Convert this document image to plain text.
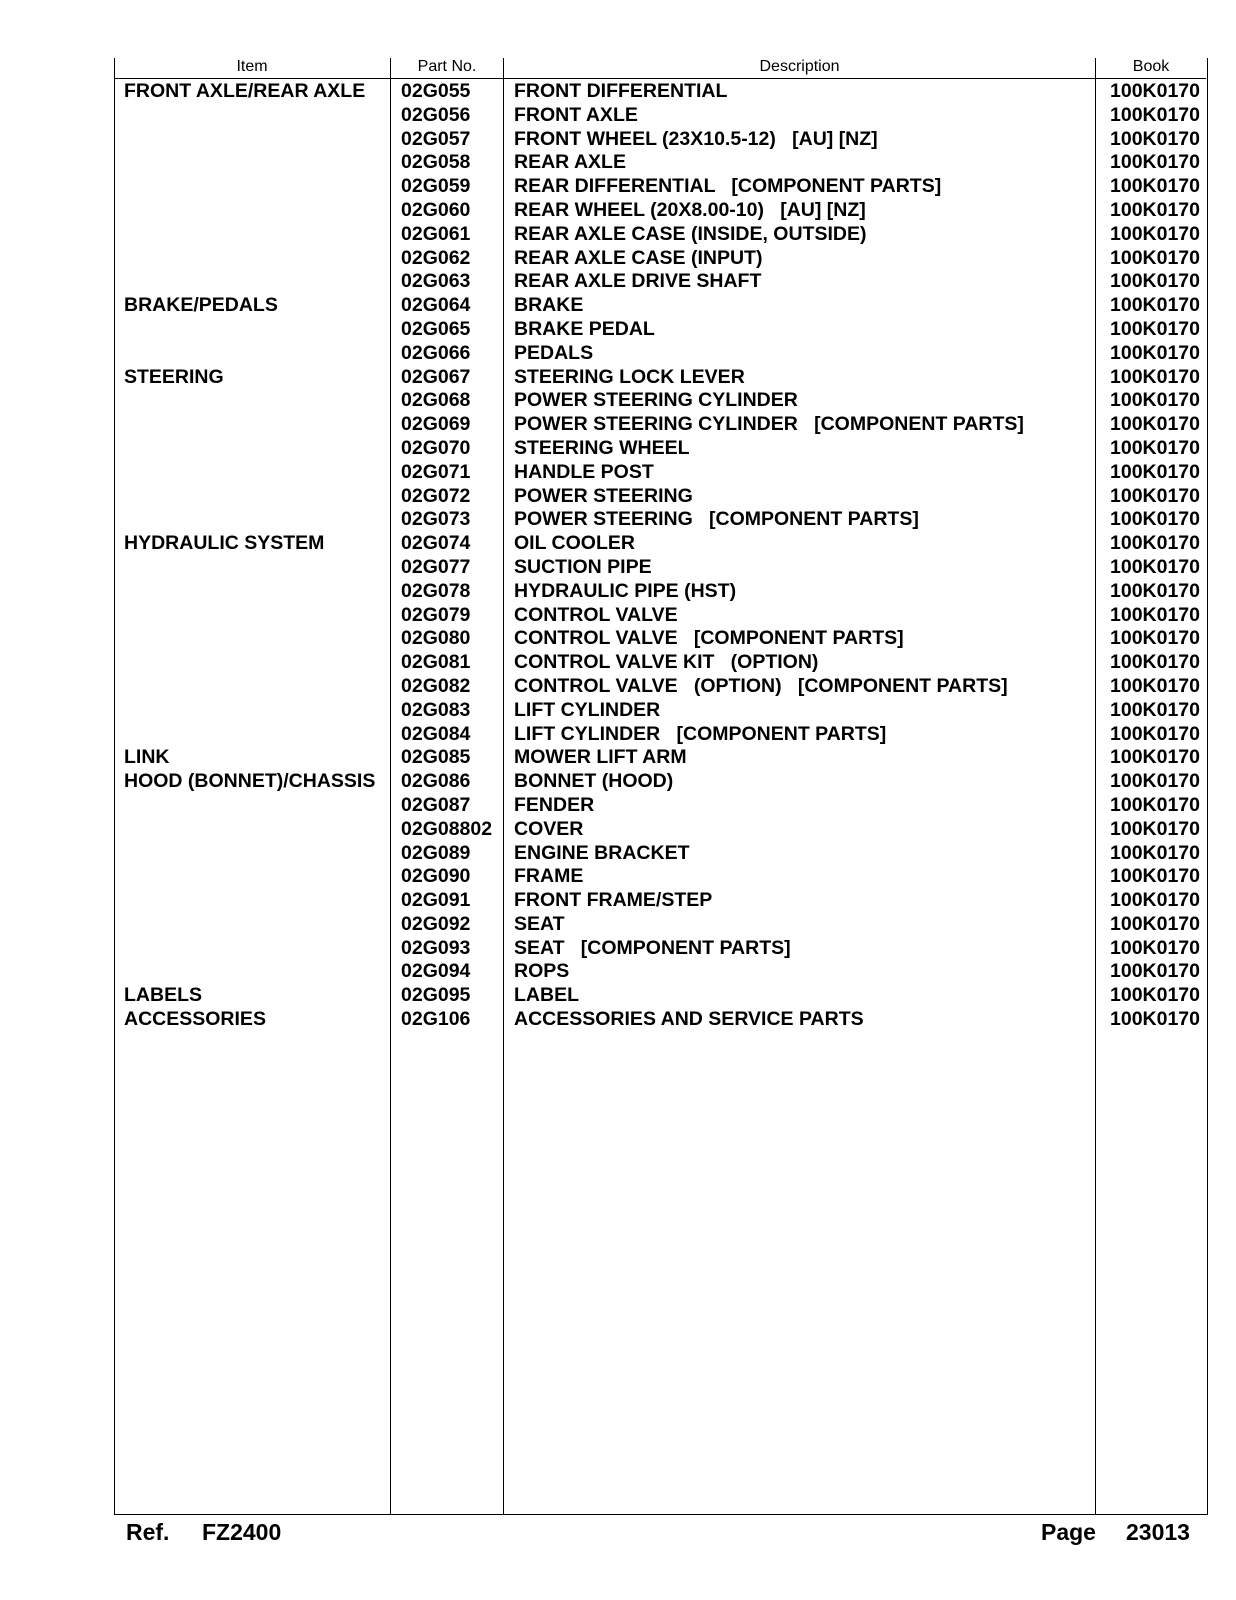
Item	Part No.	Description	Book
FRONT AXLE/REAR AXLE 02G055 FRONT DIFFERENTIAL	100K0170
02G056 FRONT AXLE	100K0170
02G057 FRONT WHEEL (23X10.5-12)   [AU] [NZ]	100K0170
02G058 REAR AXLE	100K0170
02G059 REAR DIFFERENTIAL   [COMPONENT PARTS]	100K0170
02G060 REAR WHEEL (20X8.00-10)   [AU] [NZ]	100K0170
02G061 REAR AXLE CASE (INSIDE, OUTSIDE)	100K0170
02G062 REAR AXLE CASE (INPUT)	100K0170
02G063 REAR AXLE DRIVE SHAFT	100K0170
BRAKE/PEDALS	02G064 BRAKE	100K0170
02G065 BRAKE PEDAL	100K0170
02G066 PEDALS	100K0170
STEERING	02G067 STEERING LOCK LEVER	100K0170
02G068 POWER STEERING CYLINDER	100K0170
02G069 POWER STEERING CYLINDER   [COMPONENT PARTS]	100K0170
02G070 STEERING WHEEL	100K0170
02G071 HANDLE POST	100K0170
02G072 POWER STEERING	100K0170
02G073 POWER STEERING   [COMPONENT PARTS]	100K0170
HYDRAULIC SYSTEM	02G074 OIL COOLER	100K0170
02G077 SUCTION PIPE	100K0170
02G078 HYDRAULIC PIPE (HST)	100K0170
02G079 CONTROL VALVE	100K0170
02G080 CONTROL VALVE   [COMPONENT PARTS]	100K0170
02G081 CONTROL VALVE KIT   (OPTION)	100K0170
02G082 CONTROL VALVE   (OPTION)   [COMPONENT PARTS]	100K0170
02G083 LIFT CYLINDER	100K0170
02G084 LIFT CYLINDER   [COMPONENT PARTS]	100K0170
LINK	02G085 MOWER LIFT ARM	100K0170
HOOD (BONNET)/CHASSIS 02G086 BONNET (HOOD)	100K0170
02G087 FENDER	100K0170
02G08802 COVER	100K0170
02G089 ENGINE BRACKET	100K0170
02G090 FRAME	100K0170
02G091 FRONT FRAME/STEP	100K0170
02G092 SEAT	100K0170
02G093 SEAT   [COMPONENT PARTS]	100K0170
02G094 ROPS	100K0170
LABELS	02G095 LABEL	100K0170
ACCESSORIES	02G106 ACCESSORIES AND SERVICE PARTS	100K0170
Ref. FZ2400	Page 23013
